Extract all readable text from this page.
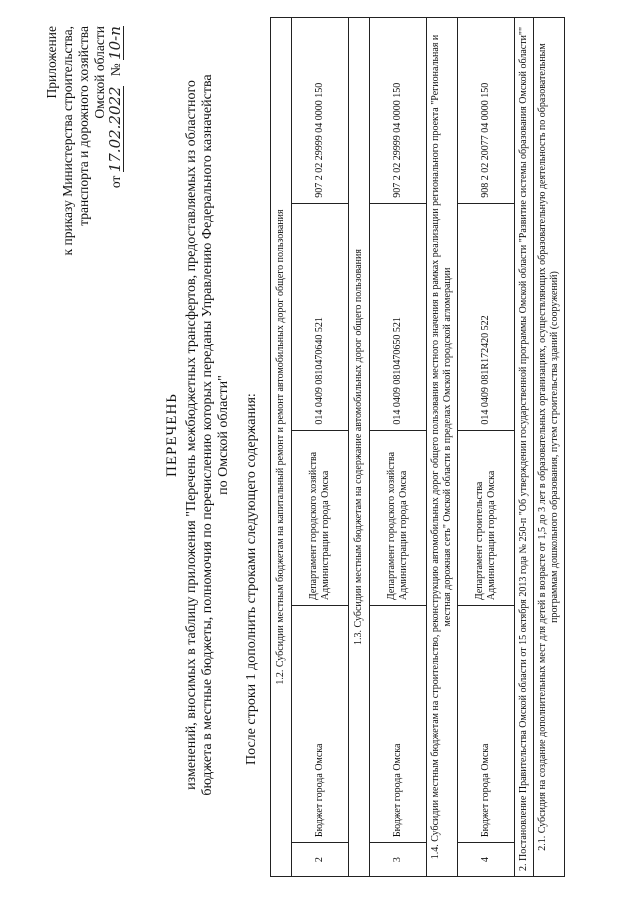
Приложение к приказу Министерства строительства, транспорта и дорожного хозяйства Омской области
от 17.02.2022   № 10-п
ПЕРЕЧЕНЬ изменений, вносимых в таблицу приложения "Перечень межбюджетных трансфертов, предоставляемых из областного бюджета в местные бюджеты, полномочия по перечислению которых переданы Управлению Федерального казначейства по Омской области" После строки 1 дополнить строками следующего содержания: 1.2. Субсидии местным бюджетам на капитальный ремонт и ремонт автомобильных дорог общего пользования				
2	Бюджет города Омска	Департамент городского хозяйства Администрации города Омска	014 0409 0810470640 521	907 2 02 29999 04 0000 150
1.3. Субсидии местным бюджетам на содержание автомобильных дорог общего пользования				
3	Бюджет города Омска	Департамент городского хозяйства Администрации города Омска	014 0409 0810470650 521	907 2 02 29999 04 0000 150
1.4. Субсидии местным бюджетам на строительство, реконструкцию автомобильных дорог общего пользования местного значения в рамках реализации регионального проекта "Региональная и местная дорожная сеть" Омской области в пределах Омской городской агломерации				
4	Бюджет города Омска	Департамент строительства Администрации города Омска	014 0409 081R172420 522	908 2 02 20077 04 0000 150
2. Постановление Правительства Омской области от 15 октября 2013 года № 250-п "Об утверждении государственной программы Омской области "Развитие системы образования Омской области""				
2.1. Субсидия на создание дополнительных мест для детей в возрасте от 1,5 до 3 лет в образовательных организациях, осуществляющих образовательную деятельность по образовательным программам дошкольного образования, путем строительства зданий (сооружений)				
